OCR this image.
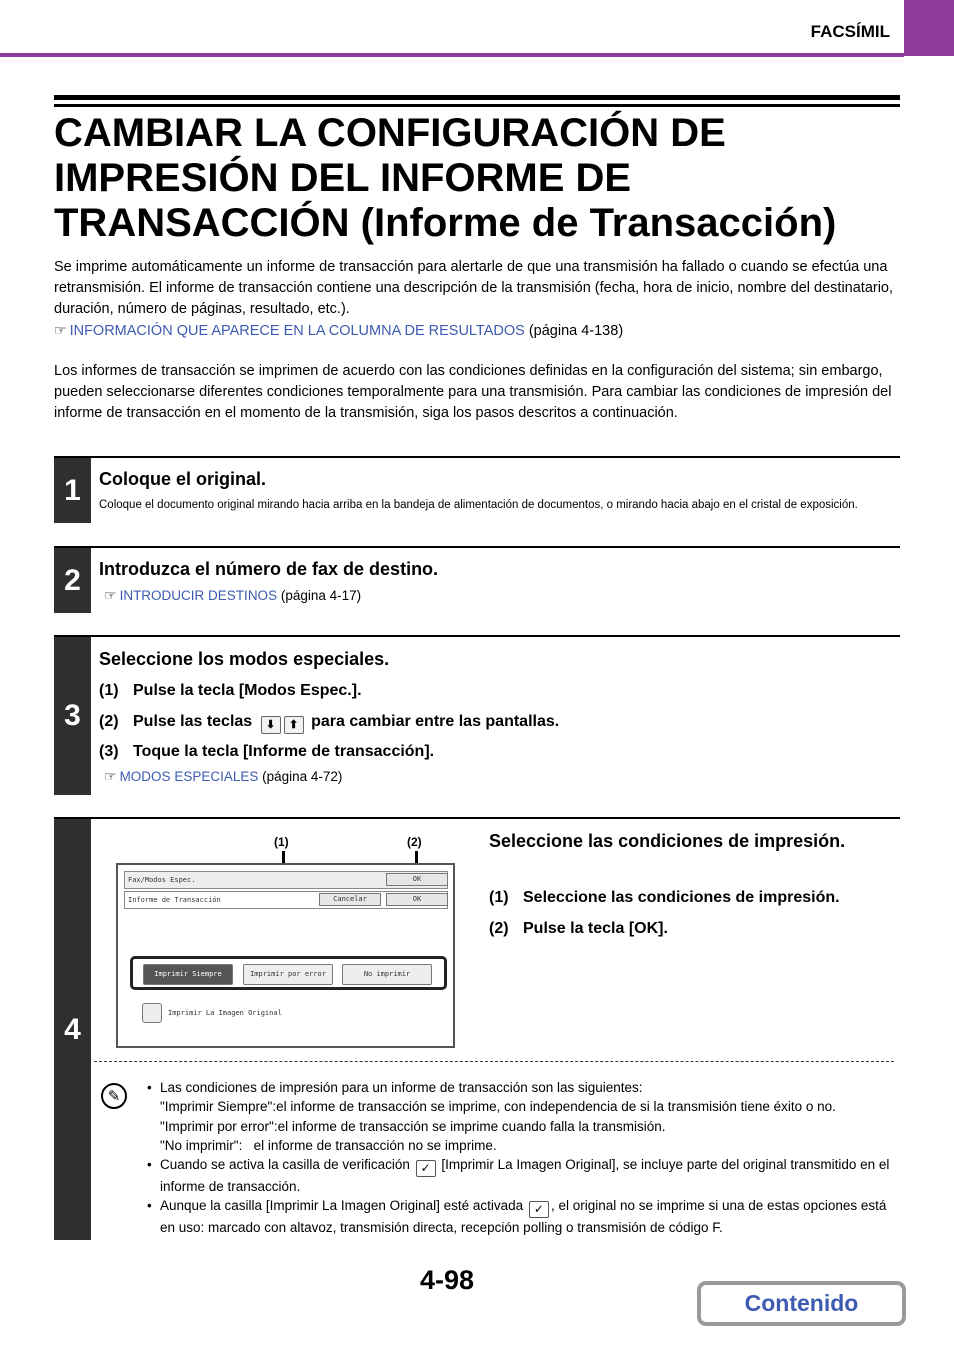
FACSÍMIL
CAMBIAR LA CONFIGURACIÓN DE IMPRESIÓN DEL INFORME DE TRANSACCIÓN (Informe de Transacción)
Se imprime automáticamente un informe de transacción para alertarle de que una transmisión ha fallado o cuando se efectúa una retransmisión. El informe de transacción contiene una descripción de la transmisión (fecha, hora de inicio, nombre del destinatario, duración, número de páginas, resultado, etc.).
☞ INFORMACIÓN QUE APARECE EN LA COLUMNA DE RESULTADOS (página 4-138)
Los informes de transacción se imprimen de acuerdo con las condiciones definidas en la configuración del sistema; sin embargo, pueden seleccionarse diferentes condiciones temporalmente para una transmisión. Para cambiar las condiciones de impresión del informe de transacción en el momento de la transmisión, siga los pasos descritos a continuación.
1	Coloque el original.
Coloque el documento original mirando hacia arriba en la bandeja de alimentación de documentos, o mirando hacia abajo en el cristal de exposición.
2	Introduzca el número de fax de destino.
☞ INTRODUCIR DESTINOS (página 4-17)
3
Seleccione los modos especiales.
(1) Pulse la tecla [Modos Espec.].
(2) Pulse las teclas ⬇ ⬆ para cambiar entre las pantallas.
(3) Toque la tecla [Informe de transacción].
☞ MODOS ESPECIALES (página 4-72)
4
(1)	(2)
Fax/Modos Espec.	OK
Informe de Transacción	Cancelar	OK
Imprimir Siempre	Imprimir por error	No imprimir
Imprimir La Imagen Original
Seleccione las condiciones de impresión.
(1) Seleccione las condiciones de impresión.
(2) Pulse la tecla [OK].
✎
• Las condiciones de impresión para un informe de transacción son las siguientes:
"Imprimir Siempre":el informe de transacción se imprime, con independencia de si la transmisión tiene éxito o no.
"Imprimir por error":el informe de transacción se imprime cuando falla la transmisión.
"No imprimir":   el informe de transacción no se imprime.
• Cuando se activa la casilla de verificación ✓ [Imprimir La Imagen Original], se incluye parte del original transmitido en el informe de transacción.
• Aunque la casilla [Imprimir La Imagen Original] esté activada ✓ , el original no se imprime si una de estas opciones está en uso: marcado con altavoz, transmisión directa, recepción polling o transmisión de código F.
4-98
Contenido
